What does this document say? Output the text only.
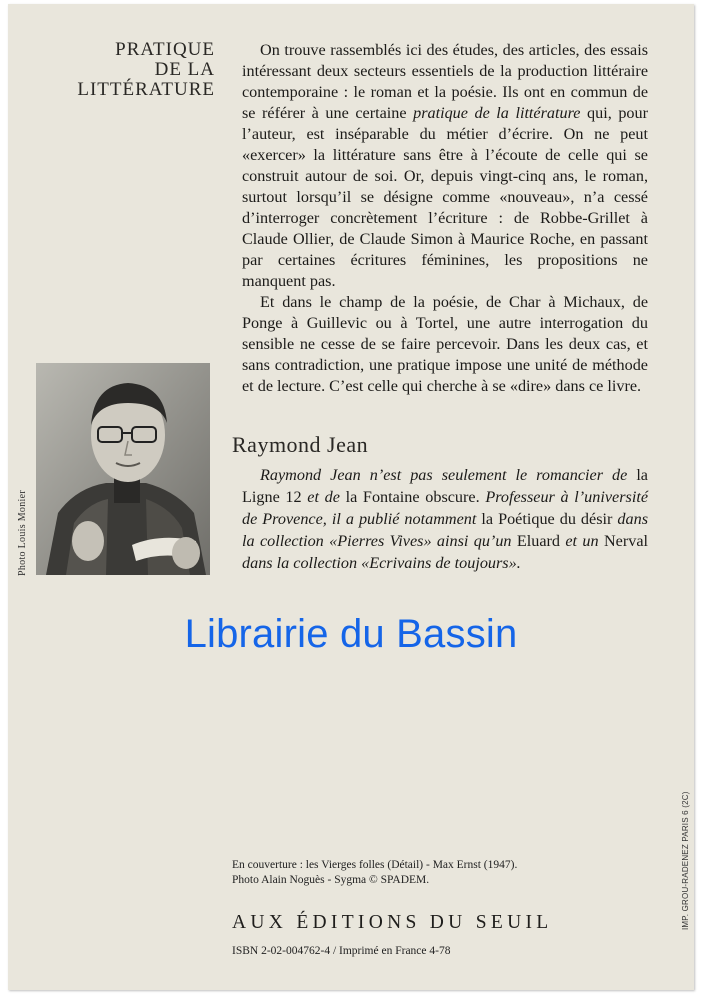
PRATIQUE
DE LA
LITTÉRATURE

On trouve rassemblés ici des études, des articles, des essais intéressant deux secteurs essentiels de la production littéraire contemporaine : le roman et la poésie. Ils ont en commun de se référer à une certaine pratique de la littérature qui, pour l’auteur, est inséparable du métier d’écrire. On ne peut «exercer» la littérature sans être à l’écoute de celle qui se construit autour de soi. Or, depuis vingt-cinq ans, le roman, surtout lorsqu’il se désigne comme «nouveau», n’a cessé d’interroger concrètement l’écriture : de Robbe-Grillet à Claude Ollier, de Claude Simon à Maurice Roche, en passant par certaines écritures féminines, les propositions ne manquent pas.

Et dans le champ de la poésie, de Char à Michaux, de Ponge à Guillevic ou à Tortel, une autre interrogation du sensible ne cesse de se faire percevoir. Dans les deux cas, et sans contradiction, une pratique impose une unité de méthode et de lecture. C’est celle qui cherche à se «dire» dans ce livre.

Photo Louis Monier
Raymond Jean

Raymond Jean n’est pas seulement le romancier de la Ligne 12 et de la Fontaine obscure. Professeur à l’université de Provence, il a publié notamment la Poétique du désir dans la collection «Pierres Vives» ainsi qu’un Eluard et un Nerval dans la collection «Ecrivains de toujours».

Librairie du Bassin
En couverture : les Vierges folles (Détail) - Max Ernst (1947).
Photo Alain Noguès - Sygma © SPADEM.
AUX ÉDITIONS DU SEUIL
ISBN 2-02-004762-4 / Imprimé en France 4-78
IMP. GROU-RADENEZ PARIS 6 (2C)
